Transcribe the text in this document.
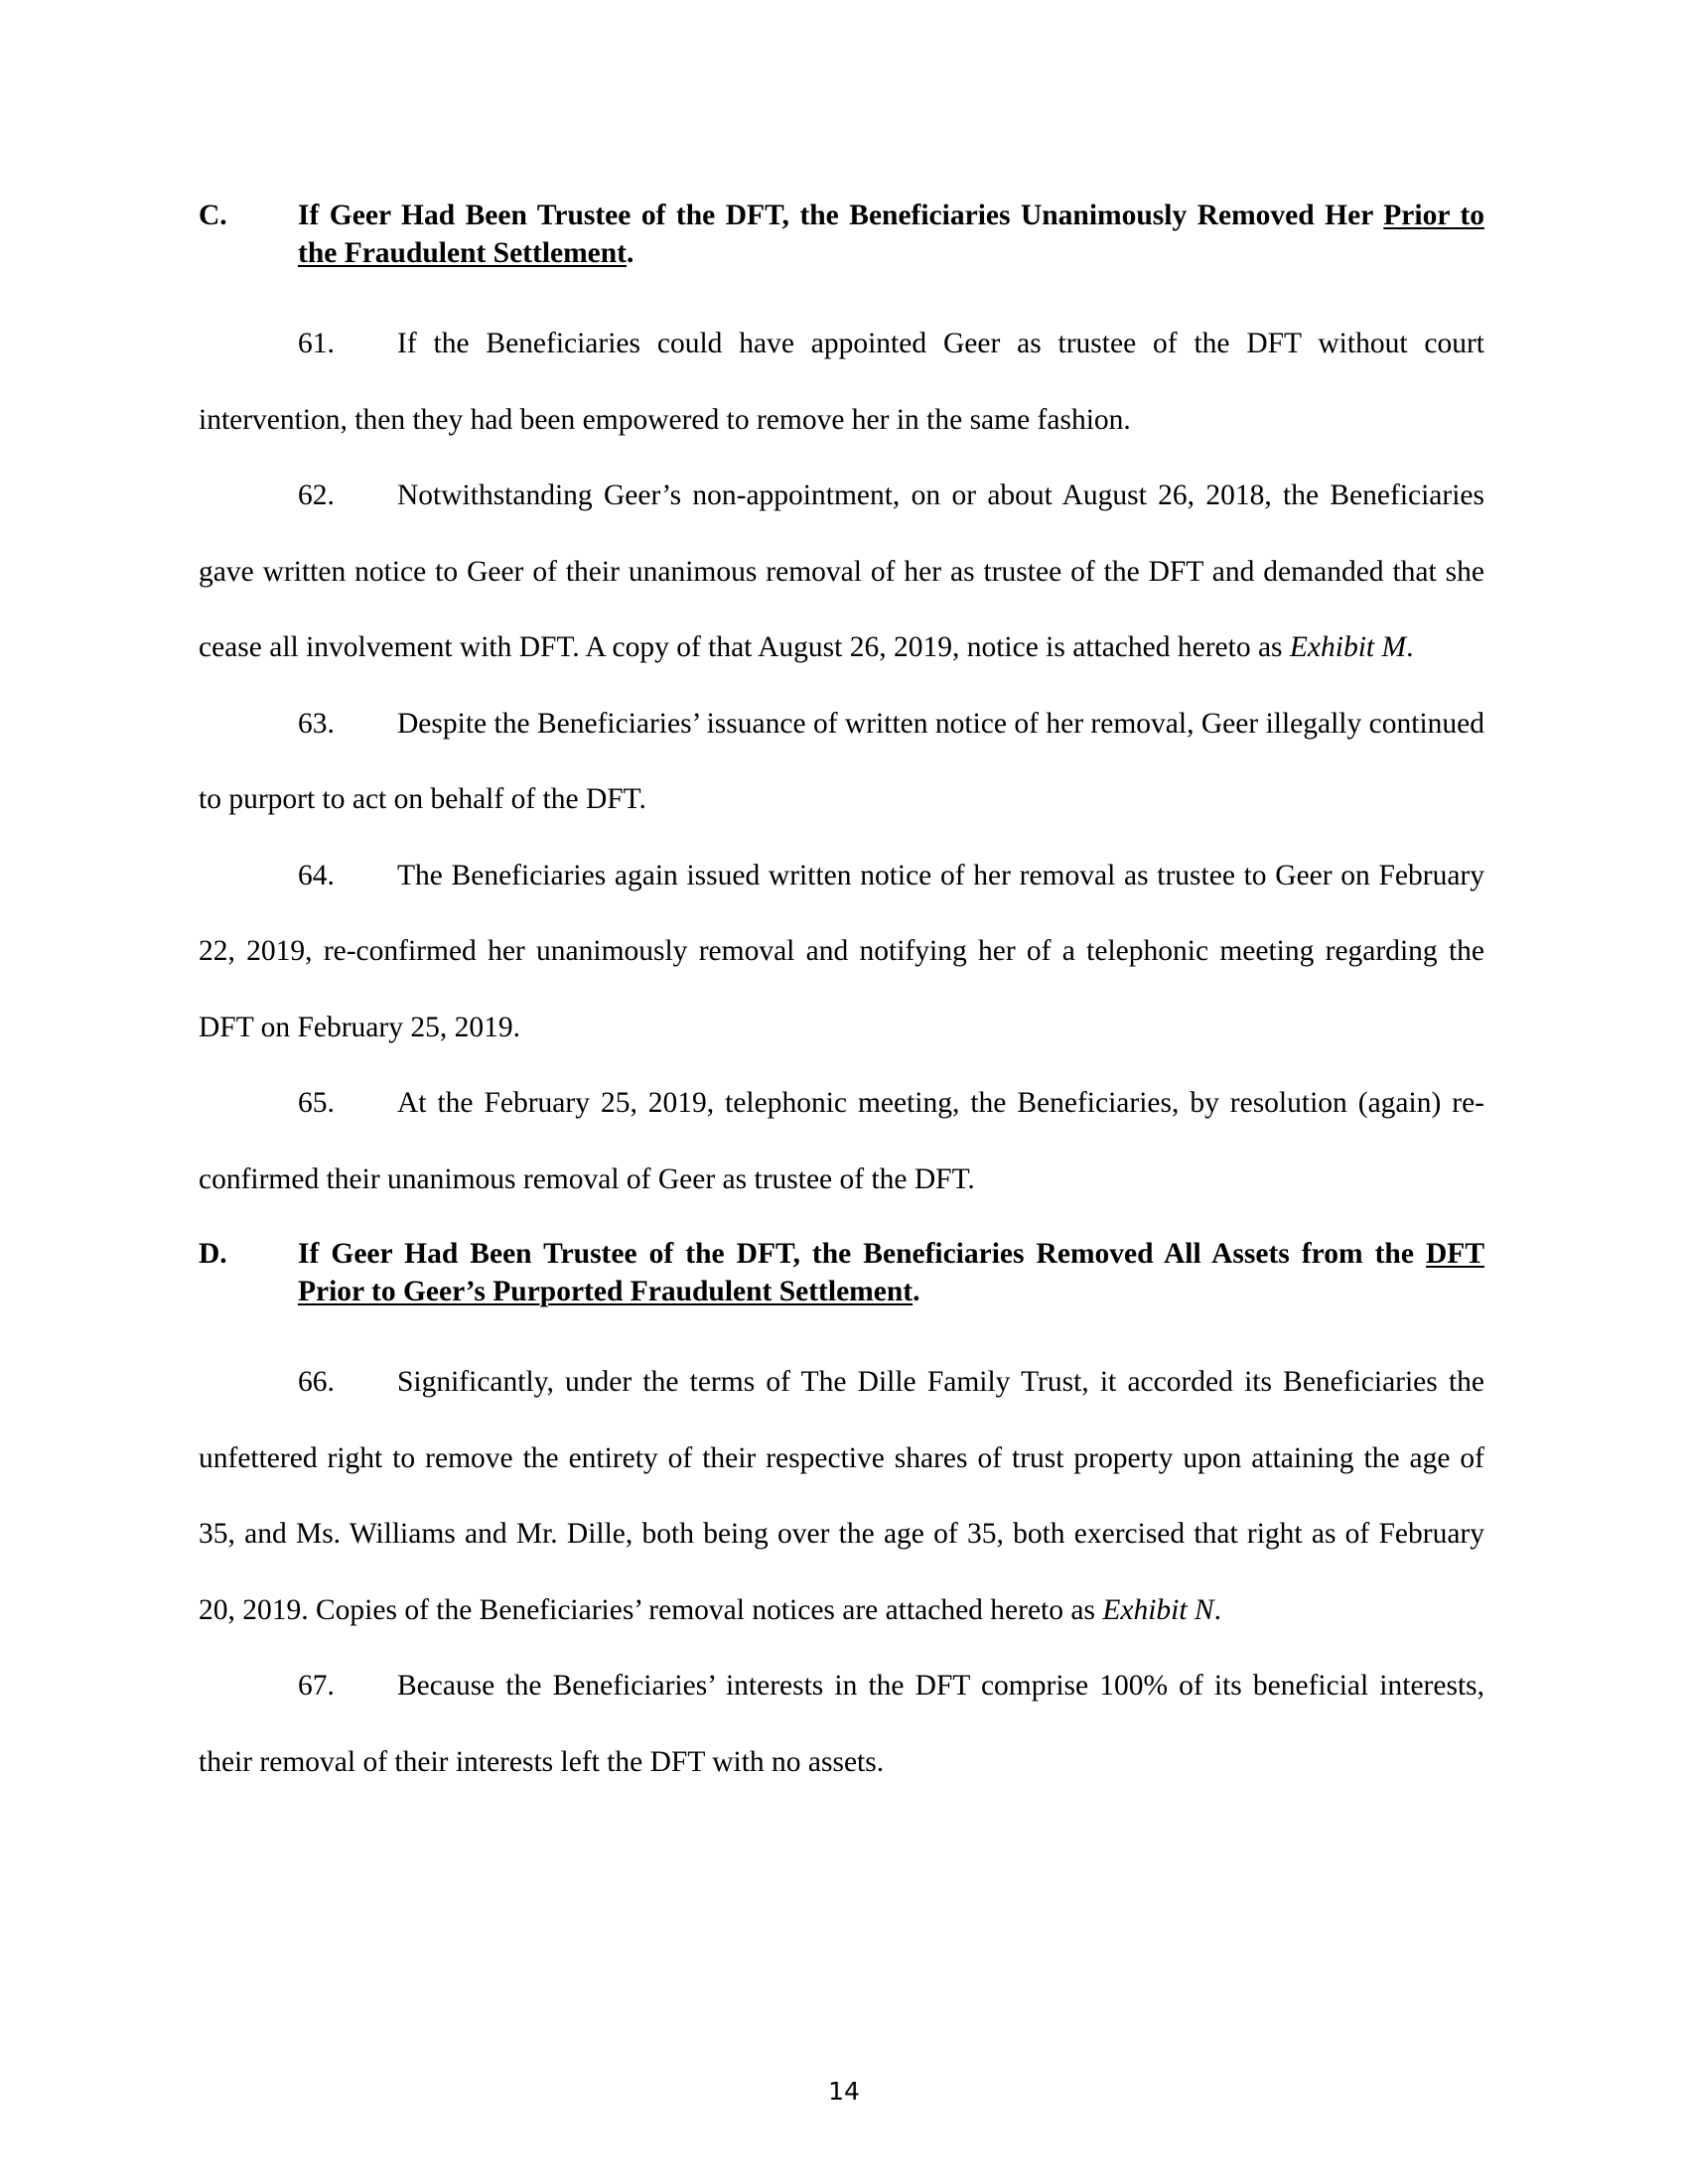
C.	If Geer Had Been Trustee of the DFT, the Beneficiaries Unanimously Removed Her Prior to the Fraudulent Settlement.

61. If the Beneficiaries could have appointed Geer as trustee of the DFT without court intervention, then they had been empowered to remove her in the same fashion.

62. Notwithstanding Geer’s non-appointment, on or about August 26, 2018, the Beneficiaries gave written notice to Geer of their unanimous removal of her as trustee of the DFT and demanded that she cease all involvement with DFT. A copy of that August 26, 2019, notice is attached hereto as Exhibit M.

63. Despite the Beneficiaries’ issuance of written notice of her removal, Geer illegally continued to purport to act on behalf of the DFT.

64. The Beneficiaries again issued written notice of her removal as trustee to Geer on February 22, 2019, re-confirmed her unanimously removal and notifying her of a telephonic meeting regarding the DFT on February 25, 2019.

65. At the February 25, 2019, telephonic meeting, the Beneficiaries, by resolution (again) re-confirmed their unanimous removal of Geer as trustee of the DFT.

D.	If Geer Had Been Trustee of the DFT, the Beneficiaries Removed All Assets from the DFT Prior to Geer’s Purported Fraudulent Settlement.

66. Significantly, under the terms of The Dille Family Trust, it accorded its Beneficiaries the unfettered right to remove the entirety of their respective shares of trust property upon attaining the age of 35, and Ms. Williams and Mr. Dille, both being over the age of 35, both exercised that right as of February 20, 2019. Copies of the Beneficiaries’ removal notices are attached hereto as Exhibit N.

67. Because the Beneficiaries’ interests in the DFT comprise 100% of its beneficial interests, their removal of their interests left the DFT with no assets.

14
